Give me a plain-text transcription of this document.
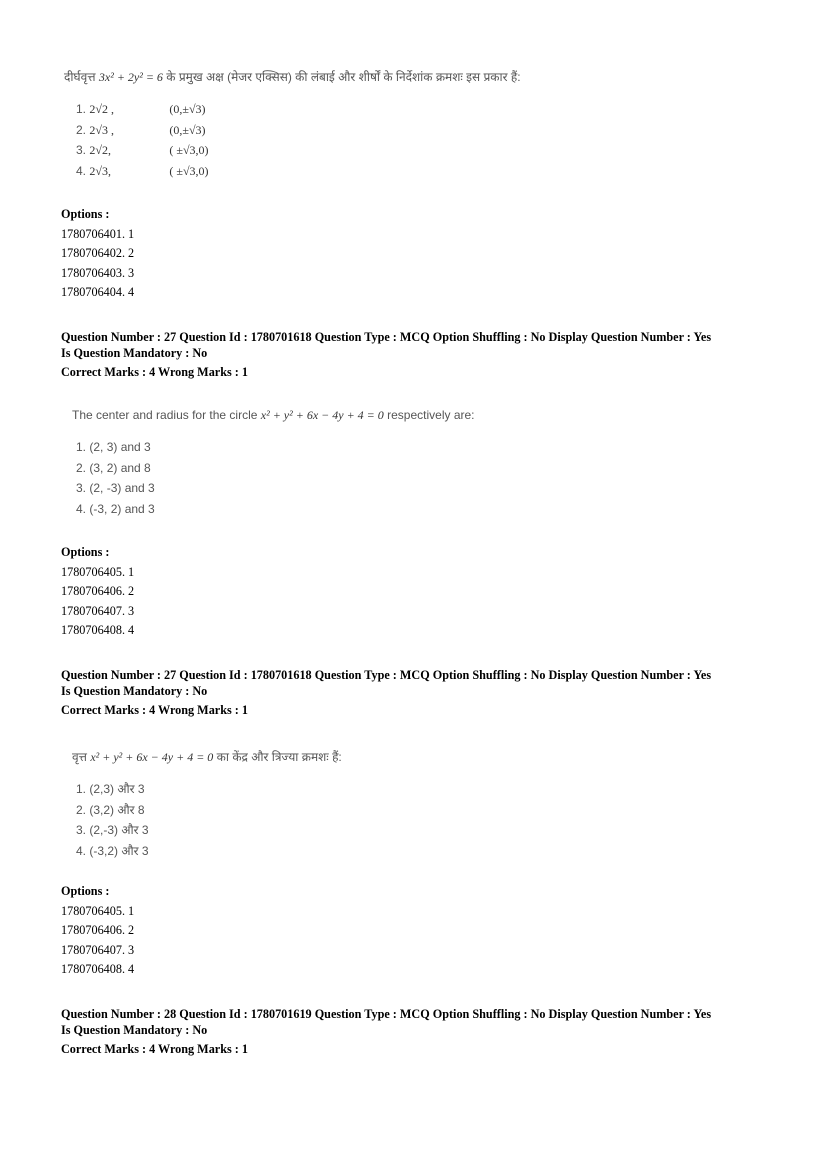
दीर्घवृत्त 3x² + 2y² = 6 के प्रमुख अक्ष (मेजर एक्सिस) की लंबाई और शीर्षों के निर्देशांक क्रमशः इस प्रकार हैं:
1. 2√2 ,	(0,±√3)
2. 2√3 ,	(0,±√3)
3. 2√2,	( ±√3,0)
4. 2√3,	( ±√3,0)
Options :
1780706401. 1
1780706402. 2
1780706403. 3
1780706404. 4
Question Number : 27 Question Id : 1780701618 Question Type : MCQ Option Shuffling : No Display Question Number : Yes
Is Question Mandatory : No
Correct Marks : 4 Wrong Marks : 1
The center and radius for the circle x² + y² + 6x − 4y + 4 = 0 respectively are:
1. (2, 3) and 3
2. (3, 2) and 8
3. (2, -3) and 3
4. (-3, 2) and 3
Options :
1780706405. 1
1780706406. 2
1780706407. 3
1780706408. 4
Question Number : 27 Question Id : 1780701618 Question Type : MCQ Option Shuffling : No Display Question Number : Yes
Is Question Mandatory : No
Correct Marks : 4 Wrong Marks : 1
वृत्त x² + y² + 6x − 4y + 4 = 0 का केंद्र और त्रिज्या क्रमशः हैं:
1. (2,3) और 3
2. (3,2) और 8
3. (2,-3) और 3
4. (-3,2) और 3
Options :
1780706405. 1
1780706406. 2
1780706407. 3
1780706408. 4
Question Number : 28 Question Id : 1780701619 Question Type : MCQ Option Shuffling : No Display Question Number : Yes
Is Question Mandatory : No
Correct Marks : 4 Wrong Marks : 1
